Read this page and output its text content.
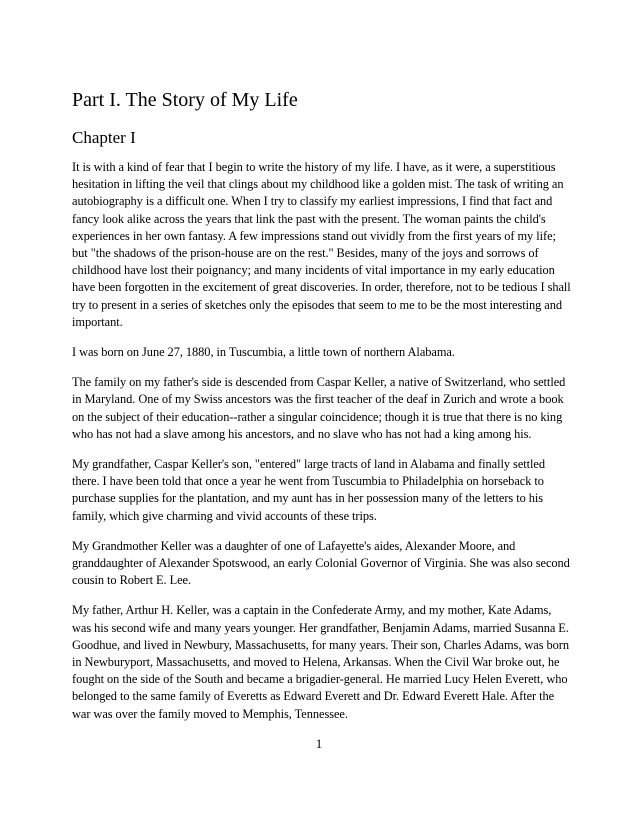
Part I. The Story of My Life
Chapter I

It is with a kind of fear that I begin to write the history of my life. I have, as it were, a superstitious hesitation in lifting the veil that clings about my childhood like a golden mist. The task of writing an autobiography is a difficult one. When I try to classify my earliest impressions, I find that fact and fancy look alike across the years that link the past with the present. The woman paints the child's experiences in her own fantasy. A few impressions stand out vividly from the first years of my life; but "the shadows of the prison-house are on the rest." Besides, many of the joys and sorrows of childhood have lost their poignancy; and many incidents of vital importance in my early education have been forgotten in the excitement of great discoveries. In order, therefore, not to be tedious I shall try to present in a series of sketches only the episodes that seem to me to be the most interesting and important.

I was born on June 27, 1880, in Tuscumbia, a little town of northern Alabama.

The family on my father's side is descended from Caspar Keller, a native of Switzerland, who settled in Maryland. One of my Swiss ancestors was the first teacher of the deaf in Zurich and wrote a book on the subject of their education--rather a singular coincidence; though it is true that there is no king who has not had a slave among his ancestors, and no slave who has not had a king among his.

My grandfather, Caspar Keller's son, "entered" large tracts of land in Alabama and finally settled there. I have been told that once a year he went from Tuscumbia to Philadelphia on horseback to purchase supplies for the plantation, and my aunt has in her possession many of the letters to his family, which give charming and vivid accounts of these trips.

My Grandmother Keller was a daughter of one of Lafayette's aides, Alexander Moore, and granddaughter of Alexander Spotswood, an early Colonial Governor of Virginia. She was also second cousin to Robert E. Lee.

My father, Arthur H. Keller, was a captain in the Confederate Army, and my mother, Kate Adams, was his second wife and many years younger. Her grandfather, Benjamin Adams, married Susanna E. Goodhue, and lived in Newbury, Massachusetts, for many years. Their son, Charles Adams, was born in Newburyport, Massachusetts, and moved to Helena, Arkansas. When the Civil War broke out, he fought on the side of the South and became a brigadier-general. He married Lucy Helen Everett, who belonged to the same family of Everetts as Edward Everett and Dr. Edward Everett Hale. After the war was over the family moved to Memphis, Tennessee.

1
